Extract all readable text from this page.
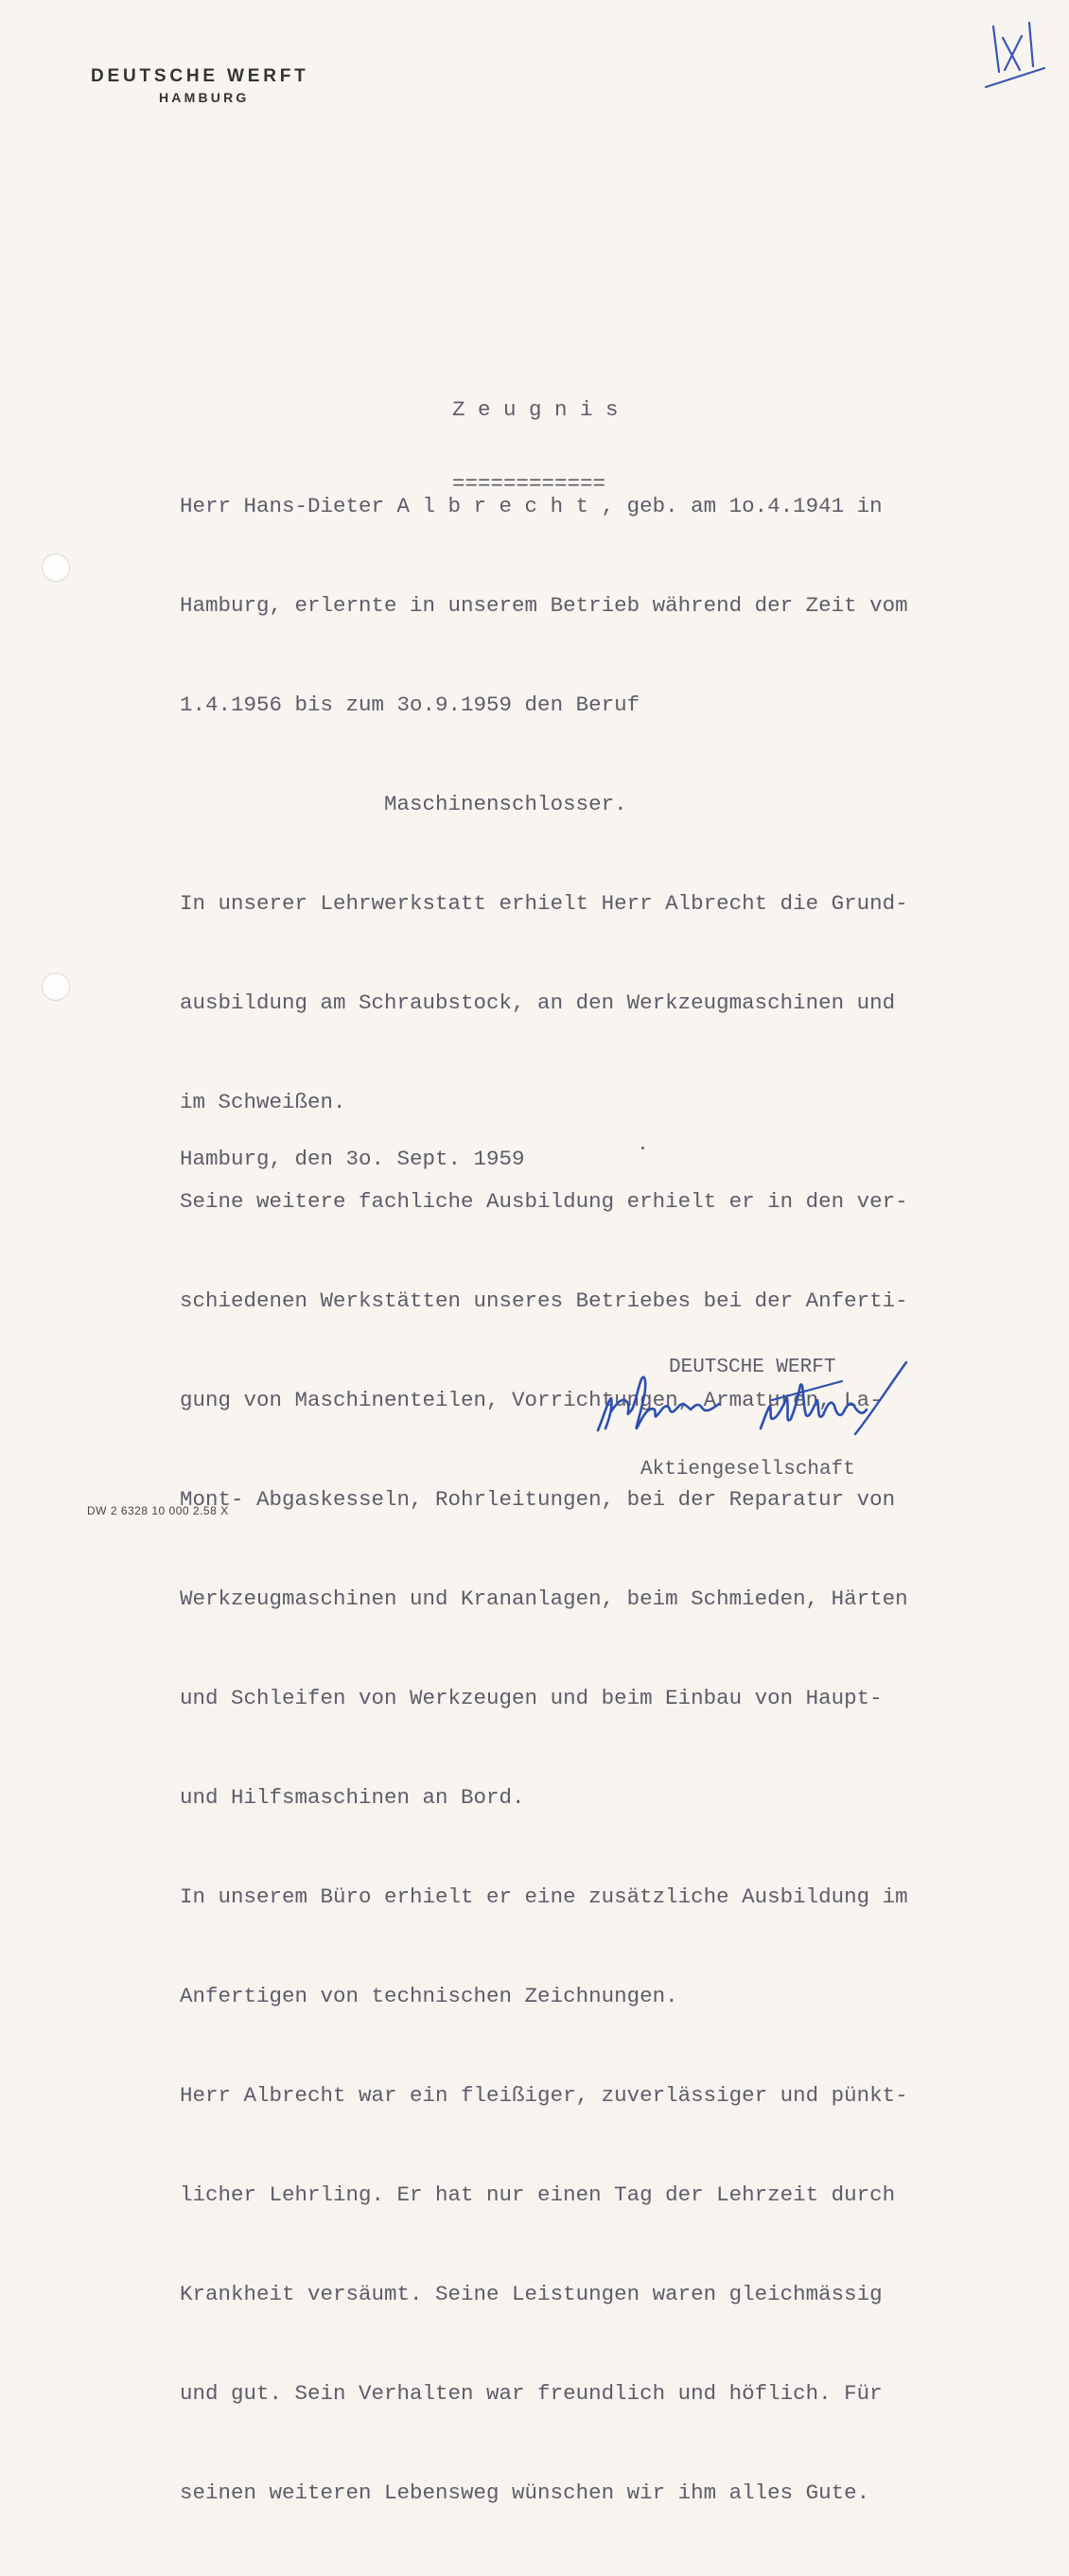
DEUTSCHE WERFT
HAMBURG

Z e u g n i s

============

Herr Hans-Dieter A l b r e c h t , geb. am 1o.4.1941 in

Hamburg, erlernte in unserem Betrieb während der Zeit vom

1.4.1956 bis zum 3o.9.1959 den Beruf

Maschinenschlosser.

In unserer Lehrwerkstatt erhielt Herr Albrecht die Grund-

ausbildung am Schraubstock, an den Werkzeugmaschinen und

im Schweißen.

Seine weitere fachliche Ausbildung erhielt er in den ver-

schiedenen Werkstätten unseres Betriebes bei der Anferti-

gung von Maschinenteilen, Vorrichtungen, Armaturen, La-

Mont- Abgaskesseln, Rohrleitungen, bei der Reparatur von

Werkzeugmaschinen und Krananlagen, beim Schmieden, Härten

und Schleifen von Werkzeugen und beim Einbau von Haupt-

und Hilfsmaschinen an Bord.

In unserem Büro erhielt er eine zusätzliche Ausbildung im

Anfertigen von technischen Zeichnungen.

Herr Albrecht war ein fleißiger, zuverlässiger und pünkt-

licher Lehrling. Er hat nur einen Tag der Lehrzeit durch

Krankheit versäumt. Seine Leistungen waren gleichmässig

und gut. Sein Verhalten war freundlich und höflich. Für

seinen weiteren Lebensweg wünschen wir ihm alles Gute.

Hamburg, den 3o. Sept. 1959

DEUTSCHE WERFT

Aktiengesellschaft

DW 2 6328 10 000 2.58 X
